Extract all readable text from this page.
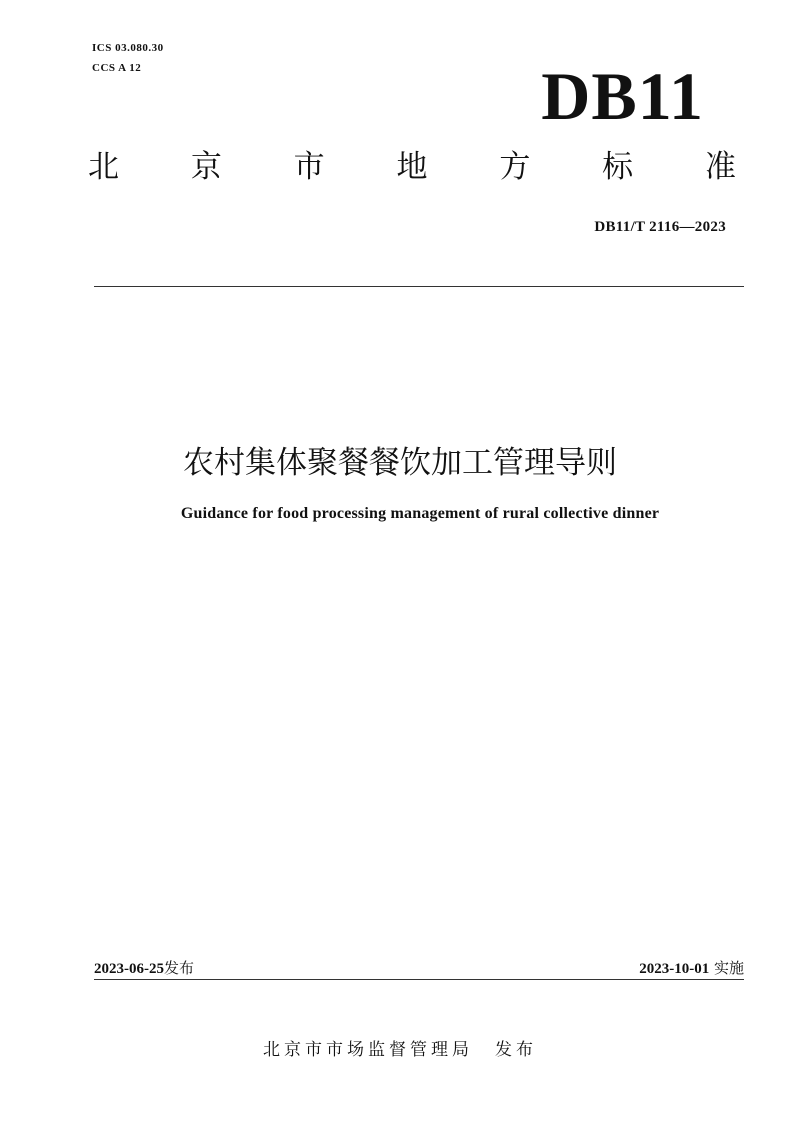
ICS 03.080.30
CCS A 12	DB11
北 京 市 地 方 标 准
DB11/T 2116—2023
农村集体聚餐餐饮加工管理导则
Guidance for food processing management of rural collective dinner
2023-06-25发布	2023-10-01 实施
北京市市场监督管理局 发布
